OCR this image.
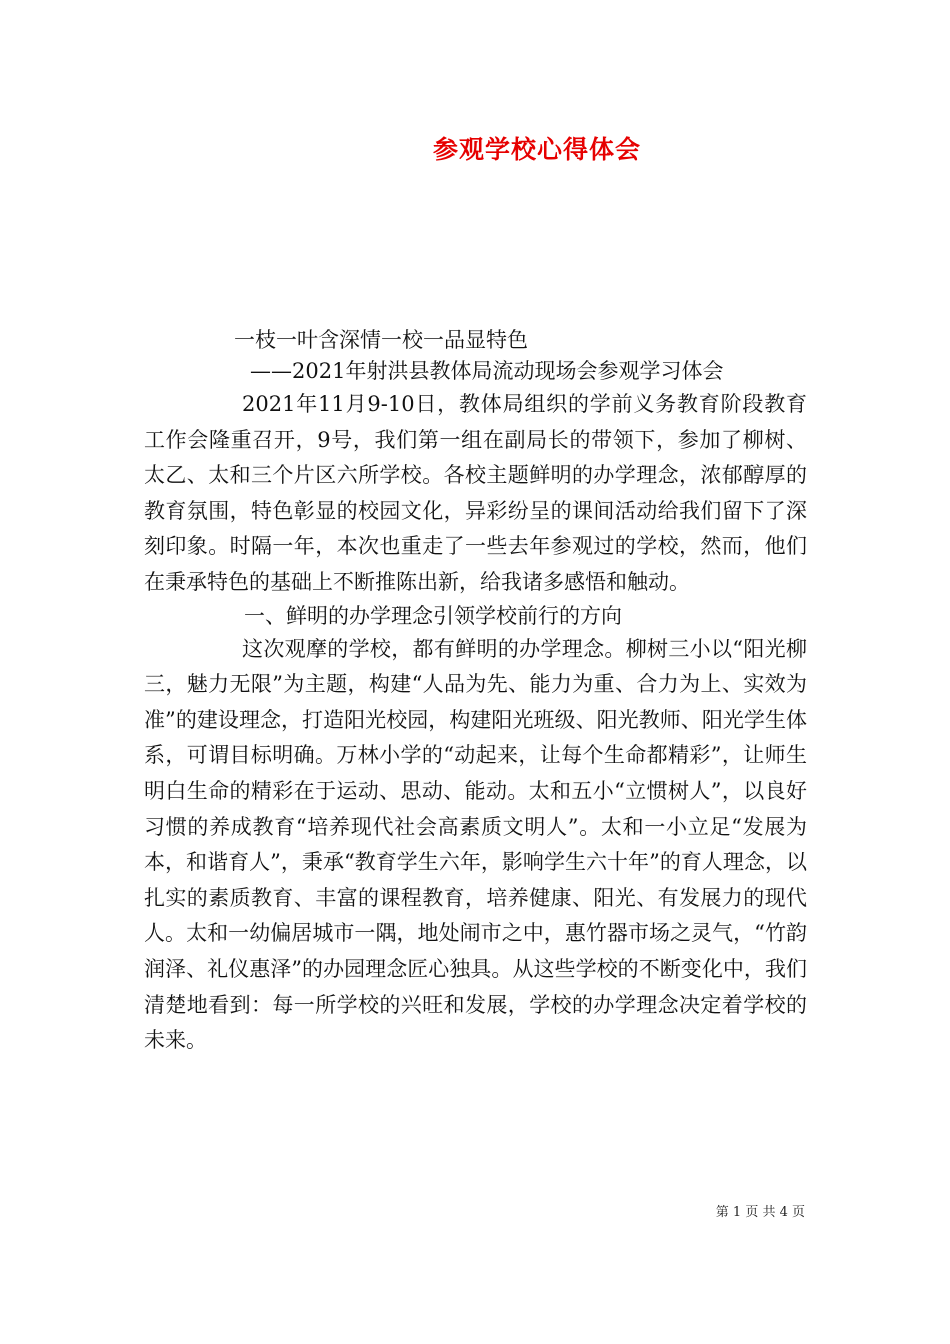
参观学校心得体会

一枝一叶含深情一校一品显特色

——2021年射洪县教体局流动现场会参观学习体会

2021年11月9-10日，教体局组织的学前义务教育阶段教育工作会隆重召开，9号，我们第一组在副局长的带领下，参加了柳树、太乙、太和三个片区六所学校。各校主题鲜明的办学理念，浓郁醇厚的教育氛围，特色彰显的校园文化，异彩纷呈的课间活动给我们留下了深刻印象。时隔一年，本次也重走了一些去年参观过的学校，然而，他们在秉承特色的基础上不断推陈出新，给我诸多感悟和触动。

一、鲜明的办学理念引领学校前行的方向

这次观摩的学校，都有鲜明的办学理念。柳树三小以“阳光柳三，魅力无限”为主题，构建“人品为先、能力为重、合力为上、实效为准”的建设理念，打造阳光校园，构建阳光班级、阳光教师、阳光学生体系，可谓目标明确。万林小学的“动起来，让每个生命都精彩”，让师生明白生命的精彩在于运动、思动、能动。太和五小“立惯树人”，以良好习惯的养成教育“培养现代社会高素质文明人”。太和一小立足“发展为本，和谐育人”，秉承“教育学生六年，影响学生六十年”的育人理念，以扎实的素质教育、丰富的课程教育，培养健康、阳光、有发展力的现代人。太和一幼偏居城市一隅，地处闹市之中，惠竹器市场之灵气，“竹韵润泽、礼仪惠泽”的办园理念匠心独具。从这些学校的不断变化中，我们清楚地看到：每一所学校的兴旺和发展，学校的办学理念决定着学校的未来。

第 1 页 共 4 页
